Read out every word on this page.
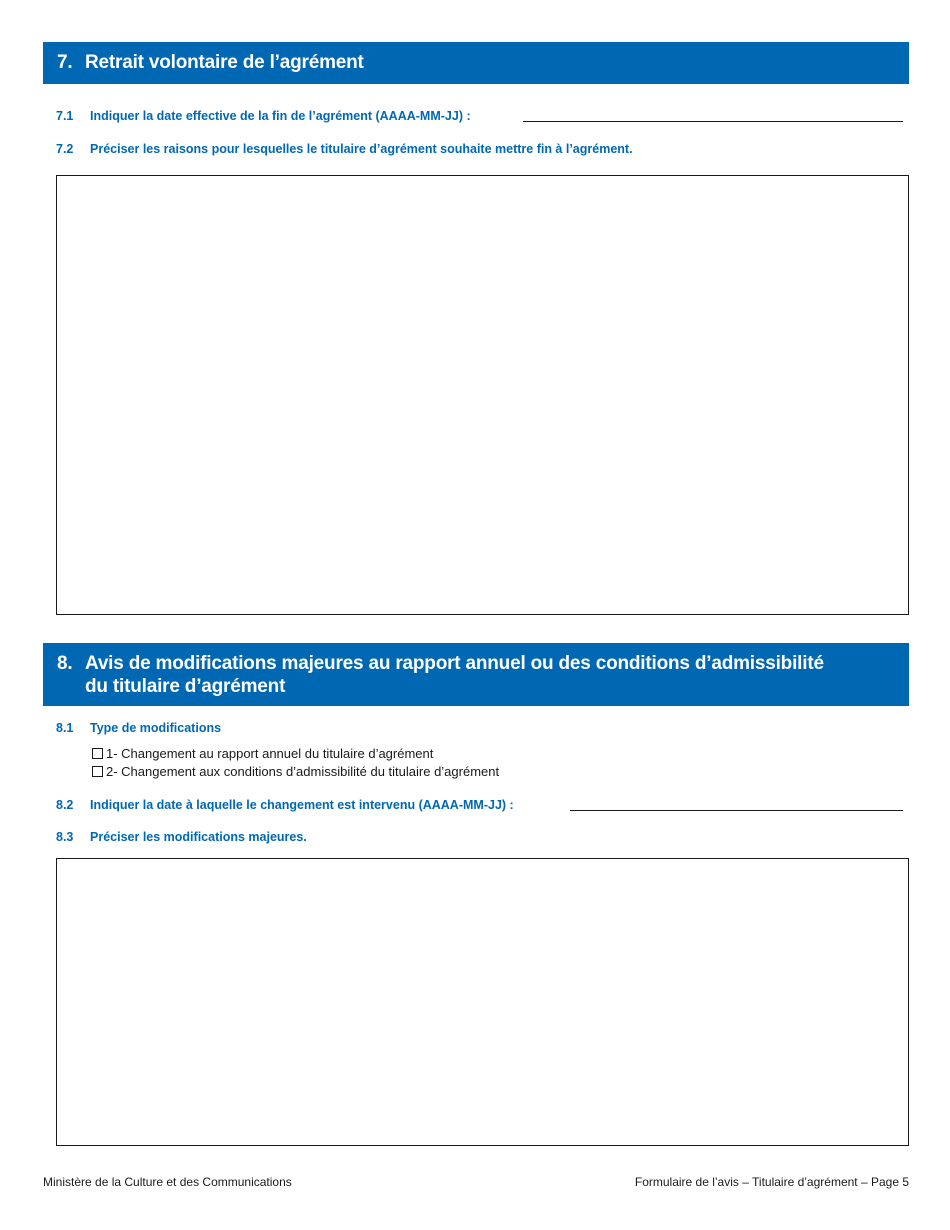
7. Retrait volontaire de l’agrément
7.1 Indiquer la date effective de la fin de l’agrément (AAAA-MM-JJ) :
7.2 Préciser les raisons pour lesquelles le titulaire d’agrément souhaite mettre fin à l’agrément.
8. Avis de modifications majeures au rapport annuel ou des conditions d’admissibilité
du titulaire d’agrément
8.1 Type de modifications
1- Changement au rapport annuel du titulaire d’agrément
2- Changement aux conditions d’admissibilité du titulaire d’agrément
8.2 Indiquer la date à laquelle le changement est intervenu (AAAA-MM-JJ) :
8.3 Préciser les modifications majeures.
Ministère de la Culture et des Communications	Formulaire de l’avis – Titulaire d’agrément – Page 5
